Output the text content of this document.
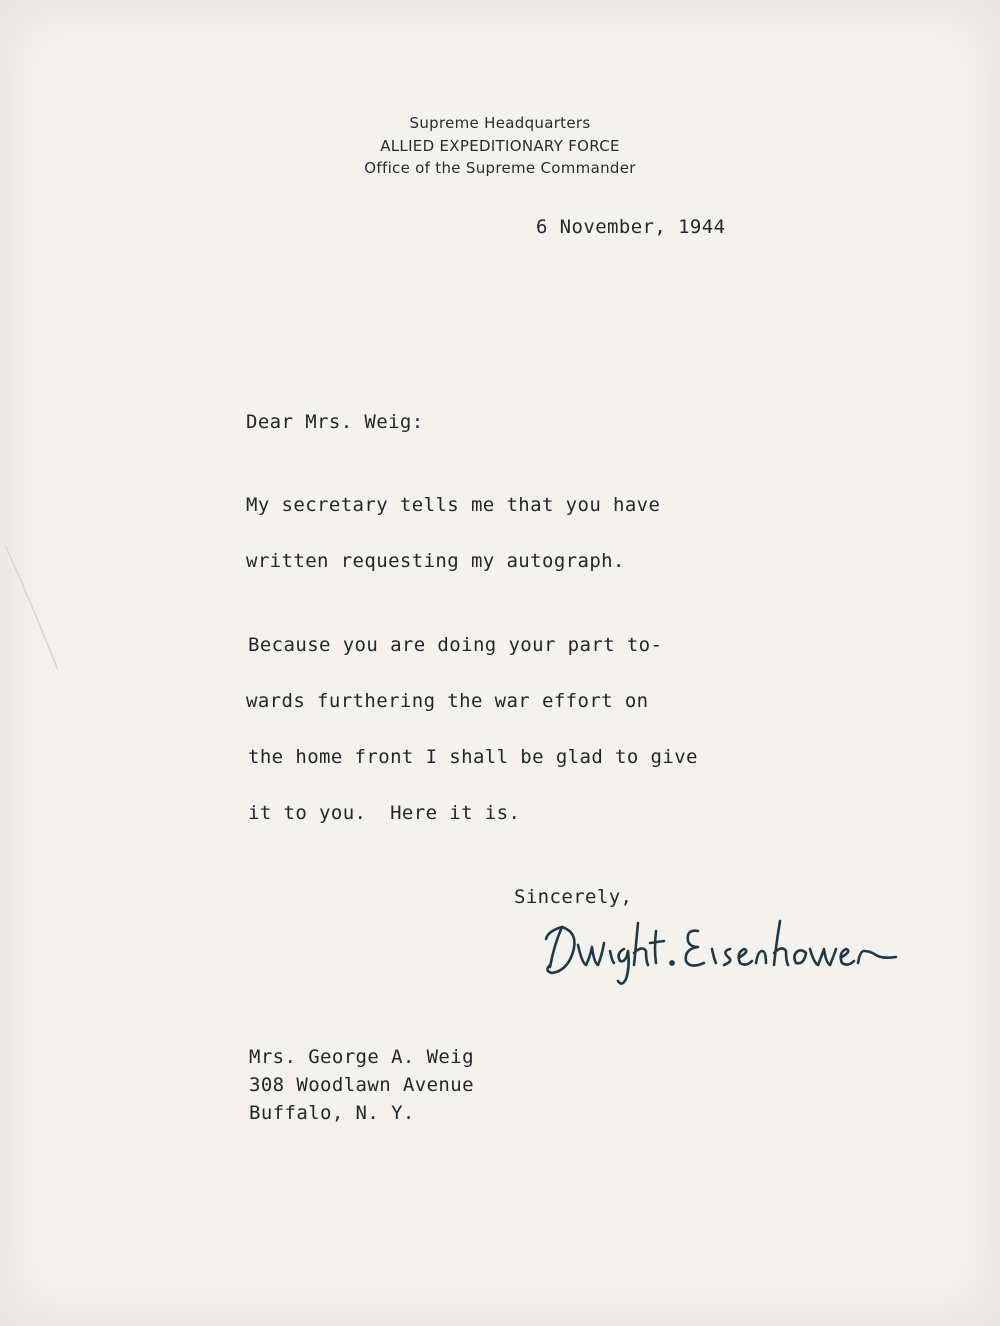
Supreme Headquarters
ALLIED EXPEDITIONARY FORCE
Office of the Supreme Commander
6 November, 1944
Dear Mrs. Weig:
My secretary tells me that you have
written requesting my autograph.
Because you are doing your part to-
wards furthering the war effort on
the home front I shall be glad to give
it to you.  Here it is.
Sincerely,
Mrs. George A. Weig
308 Woodlawn Avenue
Buffalo, N. Y.
